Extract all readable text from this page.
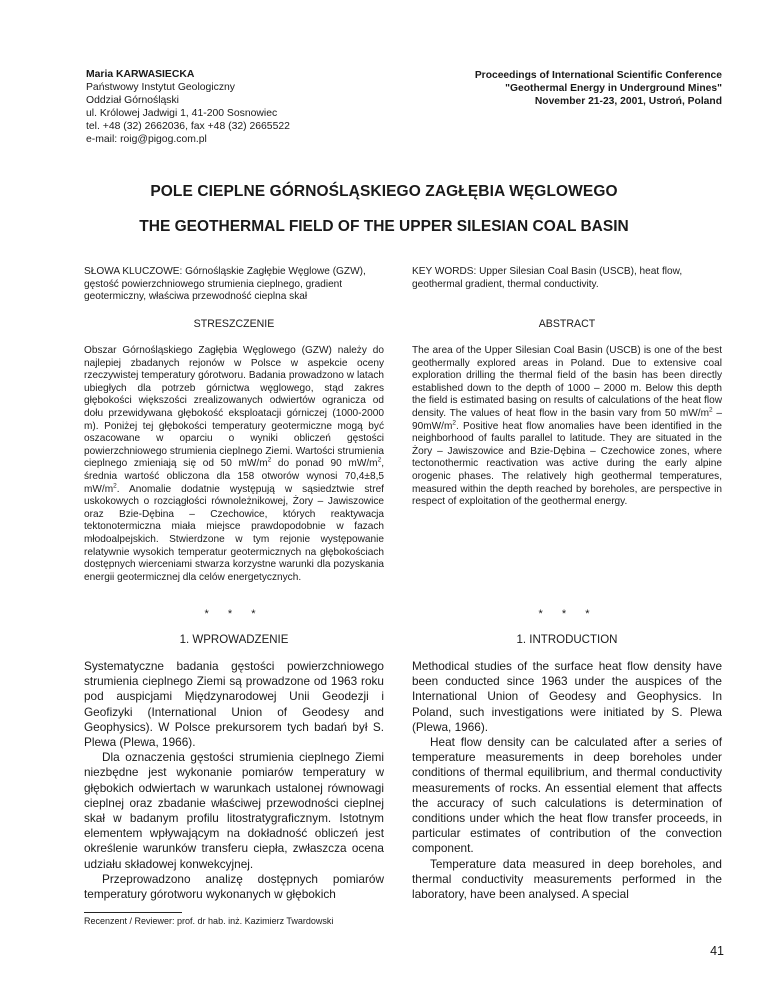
Maria KARWASIECKA
Państwowy Instytut Geologiczny
Oddział Górnośląski
ul. Królowej Jadwigi 1, 41-200 Sosnowiec
tel. +48 (32) 2662036, fax +48 (32) 2665522
e-mail: roig@pigog.com.pl
Proceedings of International Scientific Conference
"Geothermal Energy in Underground Mines"
November 21-23, 2001, Ustroń, Poland
POLE CIEPLNE GÓRNOŚLĄSKIEGO ZAGŁĘBIA WĘGLOWEGO
THE GEOTHERMAL FIELD OF THE UPPER SILESIAN COAL BASIN
SŁOWA KLUCZOWE: Górnośląskie Zagłębie Węglowe (GZW), gęstość powierzchniowego strumienia cieplnego, gradient geotermiczny, właściwa przewodność cieplna skał
KEY WORDS: Upper Silesian Coal Basin (USCB), heat flow, geothermal gradient, thermal conductivity.
STRESZCZENIE	ABSTRACT
Obszar Górnośląskiego Zagłębia Węglowego (GZW) należy do najlepiej zbadanych rejonów w Polsce w aspekcie oceny rzeczywistej temperatury górotworu. Badania prowadzono w latach ubiegłych dla potrzeb górnictwa węglowego, stąd zakres głębokości większości zrealizowanych odwiertów ogranicza od dołu przewidywana głębokość eksploatacji górniczej (1000-2000 m). Poniżej tej głębokości temperatury geotermiczne mogą być oszacowane w oparciu o wyniki obliczeń gęstości powierzchniowego strumienia cieplnego Ziemi. Wartości strumienia cieplnego zmieniają się od 50 $mW/m^2$ do ponad 90 $mW/m^2$, średnia wartość obliczona dla 158 otworów wynosi 70,4±8,5 $mW/m^2$. Anomalie dodatnie występują w sąsiedztwie stref uskokowych o rozciągłości równoleżnikowej, Żory – Jawiszowice oraz Bzie-Dębina – Czechowice, których reaktywacja tektonotermiczna miała miejsce prawdopodobnie w fazach młodoalpejskich. Stwierdzone w tym rejonie występowanie relatywnie wysokich temperatur geotermicznych na głębokościach dostępnych wierceniami stwarza korzystne warunki dla pozyskania energii geotermicznej dla celów energetycznych.
The area of the Upper Silesian Coal Basin (USCB) is one of the best geothermally explored areas in Poland. Due to extensive coal exploration drilling the thermal field of the basin has been directly established down to the depth of 1000 – 2000 m. Below this depth the field is estimated basing on results of calculations of the heat flow density. The values of heat flow in the basin vary from 50 $mW/m^2 - 90mW/m^2$. Positive heat flow anomalies have been identified in the neighborhood of faults parallel to latitude. They are situated in the Żory – Jawiszowice and Bzie-Dębina – Czechowice zones, where tectonothermic reactivation was active during the early alpine orogenic phases. The relatively high geothermal temperatures, measured within the depth reached by boreholes, are perspective in respect of exploitation of the geothermal energy.
* * *	* * *
1. WPROWADZENIE	1. INTRODUCTION

Systematyczne badania gęstości powierzchniowego strumienia cieplnego Ziemi są prowadzone od 1963 roku pod auspicjami Międzynarodowej Unii Geodezji i Geofizyki (International Union of Geodesy and Geophysics). W Polsce prekursorem tych badań był S. Plewa (Plewa, 1966).

Dla oznaczenia gęstości strumienia cieplnego Ziemi niezbędne jest wykonanie pomiarów temperatury w głębokich odwiertach w warunkach ustalonej równowagi cieplnej oraz zbadanie właściwej przewodności cieplnej skał w badanym profilu litostratygraficznym. Istotnym elementem wpływającym na dokładność obliczeń jest określenie warunków transferu ciepła, zwłaszcza ocena udziału składowej konwekcyjnej.

Przeprowadzono analizę dostępnych pomiarów temperatury górotworu wykonanych w głębokich

Methodical studies of the surface heat flow density have been conducted since 1963 under the auspices of the International Union of Geodesy and Geophysics. In Poland, such investigations were initiated by S. Plewa (Plewa, 1966).

Heat flow density can be calculated after a series of temperature measurements in deep boreholes under conditions of thermal equilibrium, and thermal conductivity measurements of rocks. An essential element that affects the accuracy of such calculations is determination of conditions under which the heat flow transfer proceeds, in particular estimates of contribution of the convection component.

Temperature data measured in deep boreholes, and thermal conductivity measurements performed in the laboratory, have been analysed. A special

Recenzent / Reviewer: prof. dr hab. inż. Kazimierz Twardowski
41
